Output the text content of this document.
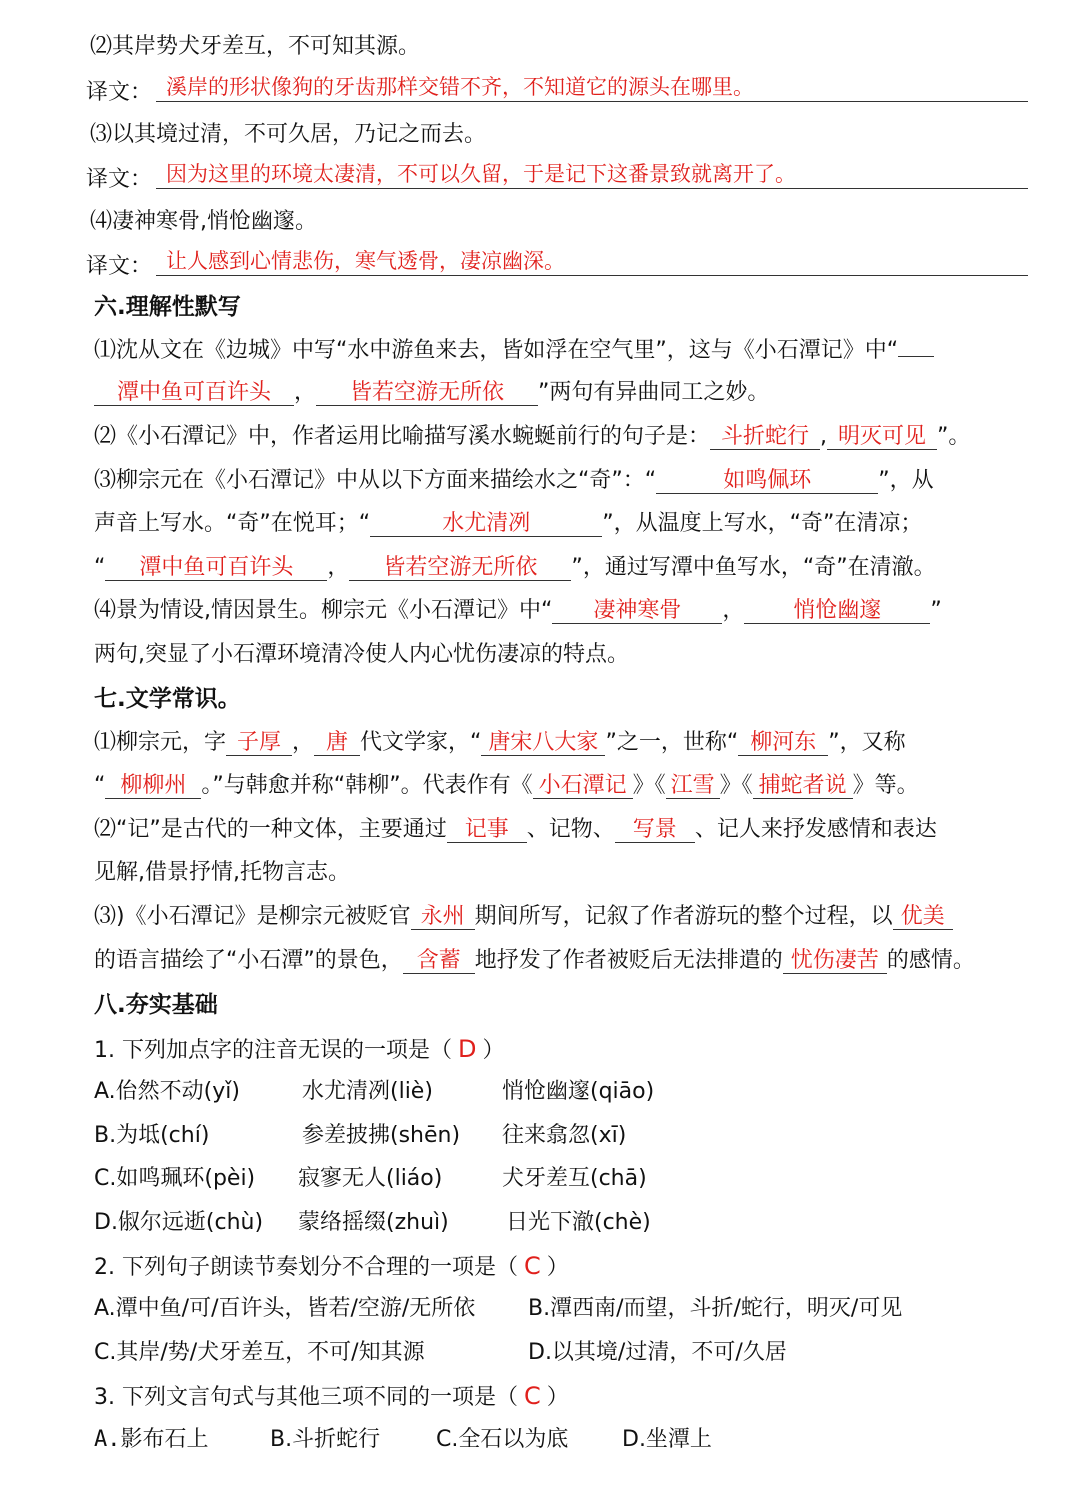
⑵其岸势犬牙差互，不可知其源。
译文： 溪岸的形状像狗的牙齿那样交错不齐，不知道它的源头在哪里。
⑶以其境过清，不可久居，乃记之而去。
译文： 因为这里的环境太凄清，不可以久留，于是记下这番景致就离开了。
⑷凄神寒骨,悄怆幽邃。
译文： 让人感到心情悲伤，寒气透骨，凄凉幽深。
六.理解性默写
⑴沈从文在《边城》中写“水中游鱼来去，皆如浮在空气里”，这与《小石潭记》中“
潭中鱼可百许头 ， 皆若空游无所依 ”两句有异曲同工之妙。
⑵《小石潭记》中，作者运用比喻描写溪水蜿蜒前行的句子是： 斗折蛇行 , 明灭可见 ”。
⑶柳宗元在《小石潭记》中从以下方面来描绘水之“奇”：“	如鸣佩环	”，从
声音上写水。“奇”在悦耳；“	水尤清冽	”，从温度上写水，“奇”在清凉；
“ 潭中鱼可百许头 ， 皆若空游无所依 ”，通过写潭中鱼写水，“奇”在清澈。
⑷景为情设,情因景生。柳宗元《小石潭记》中“ 凄神寒骨 ， 悄怆幽邃 ”
两句,突显了小石潭环境清冷使人内心忧伤凄凉的特点。
七.文学常识。
⑴柳宗元，字 子厚 ， 唐 代文学家，“ 唐宋八大家 ”之一，世称“ 柳河东 ”，又称
“ 柳柳州 。”与韩愈并称“韩柳”。代表作有《 小石潭记 》《 江雪 》《 捕蛇者说 》等。
⑵“记”是古代的一种文体，主要通过 记事 、记物、 写景 、记人来抒发感情和表达
见解,借景抒情,托物言志。
⑶)《小石潭记》是柳宗元被贬官 永州 期间所写，记叙了作者游玩的整个过程，以 优美
的语言描绘了“小石潭”的景色， 含蓄 地抒发了作者被贬后无法排遣的 忧伤凄苦 的感情。
八.夯实基础
1. 下列加点字的注音无误的一项是（ D ）
A.佁然不动(yǐ)	水尤清冽(liè)	悄怆幽邃(qiāo)
B.为坻(chí)	参差披拂(shēn) 往来翕忽(xī)
C.如鸣珮环(pèi) 寂寥无人(liáo)	犬牙差互(chā)
D.俶尔远逝(chù) 蒙络摇缀(zhuì)	日光下澈(chè)
2. 下列句子朗读节奏划分不合理的一项是（ C ）
A.潭中鱼/可/百许头，皆若/空游/无所依 B.潭西南/而望，斗折/蛇行，明灭/可见
C.其岸/势/犬牙差互，不可/知其源	D.以其境/过清，不可/久居
3. 下列文言句式与其他三项不同的一项是（ C ）
A.影布石上	B.斗折蛇行	C.全石以为底 D.坐潭上
